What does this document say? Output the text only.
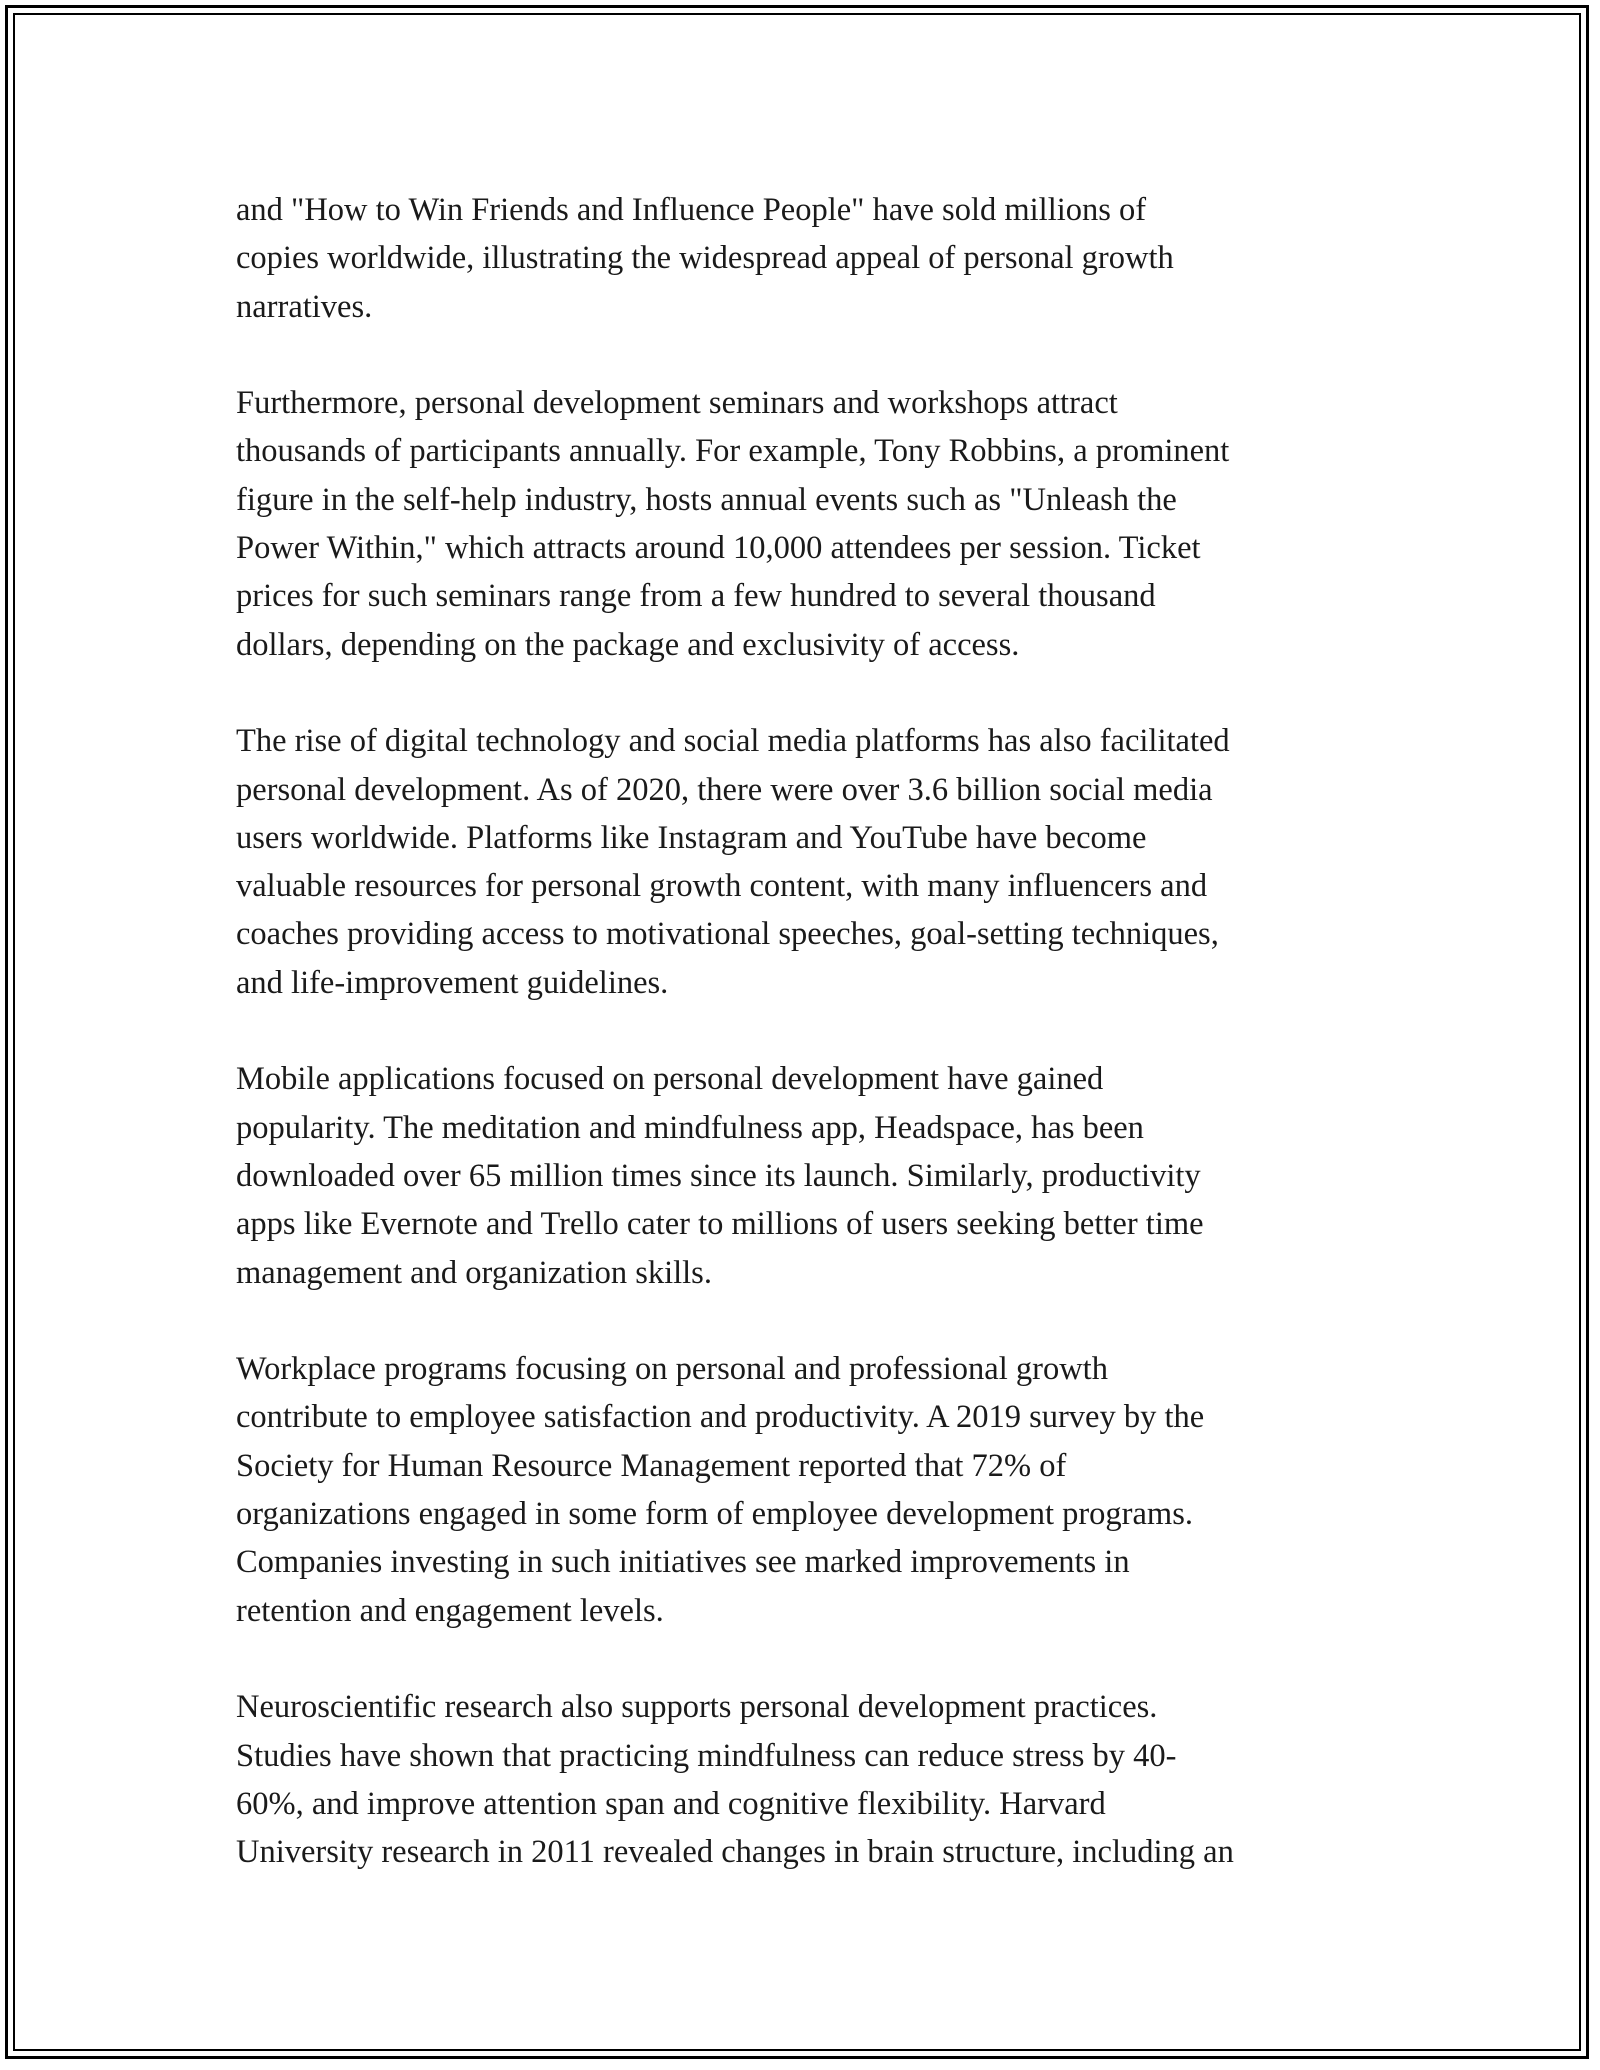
and "How to Win Friends and Influence People" have sold millions of
copies worldwide, illustrating the widespread appeal of personal growth
narratives.

Furthermore, personal development seminars and workshops attract
thousands of participants annually. For example, Tony Robbins, a prominent
figure in the self-help industry, hosts annual events such as "Unleash the
Power Within," which attracts around 10,000 attendees per session. Ticket
prices for such seminars range from a few hundred to several thousand
dollars, depending on the package and exclusivity of access.

The rise of digital technology and social media platforms has also facilitated
personal development. As of 2020, there were over 3.6 billion social media
users worldwide. Platforms like Instagram and YouTube have become
valuable resources for personal growth content, with many influencers and
coaches providing access to motivational speeches, goal-setting techniques,
and life-improvement guidelines.

Mobile applications focused on personal development have gained
popularity. The meditation and mindfulness app, Headspace, has been
downloaded over 65 million times since its launch. Similarly, productivity
apps like Evernote and Trello cater to millions of users seeking better time
management and organization skills.

Workplace programs focusing on personal and professional growth
contribute to employee satisfaction and productivity. A 2019 survey by the
Society for Human Resource Management reported that 72% of
organizations engaged in some form of employee development programs.
Companies investing in such initiatives see marked improvements in
retention and engagement levels.

Neuroscientific research also supports personal development practices.
Studies have shown that practicing mindfulness can reduce stress by 40-
60%, and improve attention span and cognitive flexibility. Harvard
University research in 2011 revealed changes in brain structure, including an
